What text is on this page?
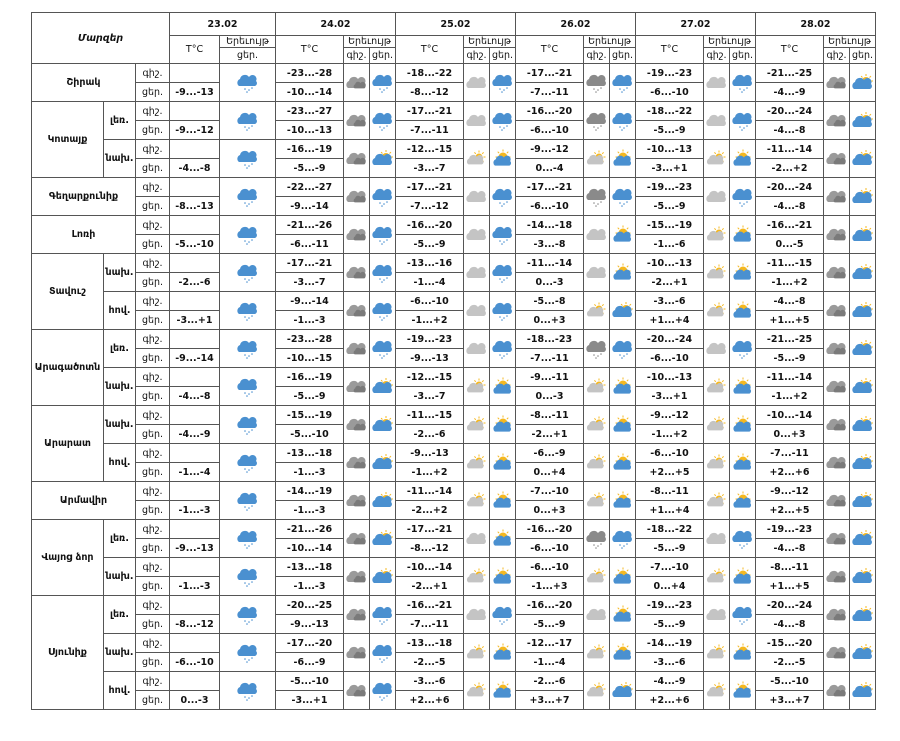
Մարզեր			23.02		24.02			25.02			26.02			27.02			28.02		
			T°C	Երեւույթ	T°C	Երեւույթ		T°C	Երեւույթ		T°C	Երեւույթ		T°C	Երեւույթ		T°C	Երեւույթ	
				ցեր.		գիշ.	ցեր.		գիշ.	ցեր.		գիշ.	ցեր.		գիշ.	ցեր.		գիշ.	ցեր.
Շիրակ		գիշ.			-23...-28			-18...-22			-17...-21			-19...-23			-21...-25	

		ցեր.	-9...-13		-10...-14			-8...-12			-7...-11			-6...-10			-4...-9		
Կոտայք	լեռ.	գիշ.			-23...-27			-17...-21			-16...-20			-18...-22			-20...-24	

		ցեր.	-9...-12		-10...-13			-7...-11			-6...-10			-5...-9			-4...-8		
	նախ.	գիշ.			-16...-19			-12...-15			-9...-12			-10...-13			-11...-14	

		ցեր.	-4...-8		-5...-9			-3...-7			0...-4			-3...+1			-2...+2		
Գեղարքունիք		գիշ.			-22...-27			-17...-21			-17...-21			-19...-23			-20...-24	

		ցեր.	-8...-13		-9...-14			-7...-12			-6...-10			-5...-9			-4...-8		
Լոռի		գիշ.			-21...-26			-16...-20			-14...-18			-15...-19			-16...-21	

		ցեր.	-5...-10		-6...-11			-5...-9			-3...-8			-1...-6			0...-5		
Տավուշ	նախ.	գիշ.			-17...-21			-13...-16			-11...-14			-10...-13			-11...-15	

		ցեր.	-2...-6		-3...-7			-1...-4			0...-3			-2...+1			-1...+2		
	հով.	գիշ.			-9...-14			-6...-10			-5...-8			-3...-6			-4...-8	

		ցեր.	-3...+1		-1...-3			-1...+2			0...+3			+1...+4			+1...+5		
Արագածոտն	լեռ.	գիշ.			-23...-28			-19...-23			-18...-23			-20...-24			-21...-25	

		ցեր.	-9...-14		-10...-15			-9...-13			-7...-11			-6...-10			-5...-9		
	նախ.	գիշ.			-16...-19			-12...-15			-9...-11			-10...-13			-11...-14	

		ցեր.	-4...-8		-5...-9			-3...-7			0...-3			-3...+1			-1...+2		
Արարատ	նախ.	գիշ.			-15...-19			-11...-15			-8...-11			-9...-12			-10...-14	

		ցեր.	-4...-9		-5...-10			-2...-6			-2...+1			-1...+2			0...+3		
	հով.	գիշ.			-13...-18			-9...-13			-6...-9			-6...-10			-7...-11	

		ցեր.	-1...-4		-1...-3			-1...+2			0...+4			+2...+5			+2...+6		
Արմավիր		գիշ.			-14...-19			-11...-14			-7...-10			-8...-11			-9...-12	

		ցեր.	-1...-3		-1...-3			-2...+2			0...+3			+1...+4			+2...+5		
Վայոց ձոր	լեռ.	գիշ.			-21...-26			-17...-21			-16...-20			-18...-22			-19...-23	

		ցեր.	-9...-13		-10...-14			-8...-12			-6...-10			-5...-9			-4...-8		
	նախ.	գիշ.			-13...-18			-10...-14			-6...-10			-7...-10			-8...-11	

		ցեր.	-1...-3		-1...-3			-2...+1			-1...+3			0...+4			+1...+5		
Սյունիք	լեռ.	գիշ.			-20...-25			-16...-21			-16...-20			-19...-23			-20...-24	

		ցեր.	-8...-12		-9...-13			-7...-11			-5...-9			-5...-9			-4...-8		
	նախ.	գիշ.			-17...-20			-13...-18			-12...-17			-14...-19			-15...-20	

		ցեր.	-6...-10		-6...-9			-2...-5			-1...-4			-3...-6			-2...-5		
	հով.	գիշ.			-5...-10			-3...-6			-2...-6			-4...-9			-5...-10	

		ցեր.	0...-3		-3...+1			+2...+6			+3...+7			+2...+6			+3...+7		
